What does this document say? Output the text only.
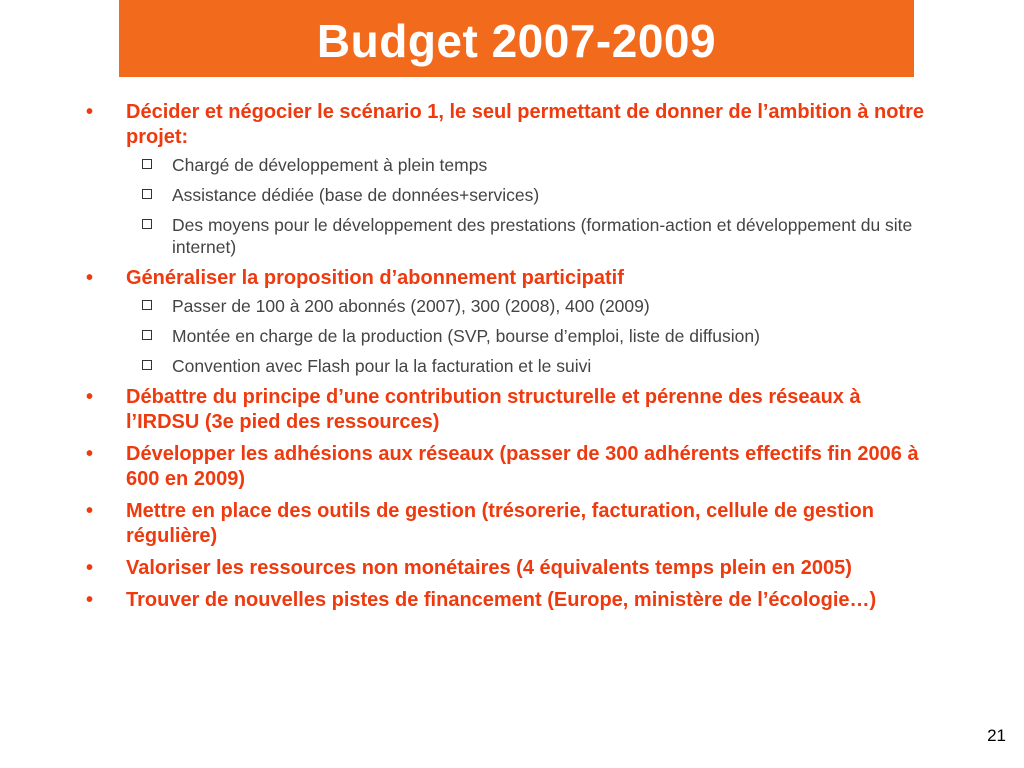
Budget 2007-2009
• Décider et négocier le scénario 1, le seul permettant de donner de l’ambition à notre projet:
Chargé de développement à plein temps
Assistance dédiée (base de données+services)
Des moyens pour le développement des prestations (formation-action et développement du site internet)
• Généraliser la proposition d’abonnement participatif
Passer de 100 à 200 abonnés (2007), 300 (2008), 400 (2009)
Montée en charge de la production (SVP, bourse d’emploi, liste de diffusion)
Convention avec Flash pour la la facturation et le suivi
• Débattre du principe d’une contribution structurelle et pérenne des réseaux à l’IRDSU (3e pied des ressources)
• Développer les adhésions aux réseaux (passer de 300 adhérents effectifs fin 2006 à 600 en 2009)
• Mettre en place des outils de gestion (trésorerie, facturation, cellule de gestion régulière)
• Valoriser les ressources non monétaires (4 équivalents temps plein en 2005)
• Trouver de nouvelles pistes de financement (Europe, ministère de l’écologie…)
21
